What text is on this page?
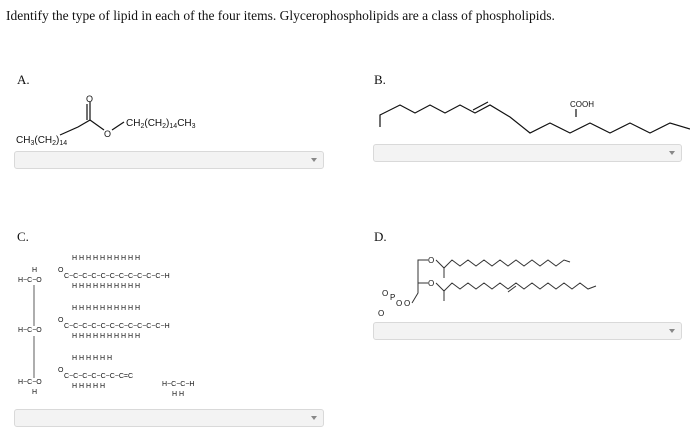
Identify the type of lipid in each of the four items. Glycerophospholipids are a class of phospholipids.
A.
O
O
$CH_3(CH_2)_{14}$
$CH_2(CH_2)_{14}CH_3$
B.
COOH
C.
H−C−O
H−C−O
H−C−O
H
H
O
C−C−C−C−C−C−C−C−C−C−C−H
H H H H H H H H H H
H H H H H H H H H H
O
C−C−C−C−C−C−C−C−C−C−C−H
H H H H H H H H H H
H H H H H H H H H H
O
C−C−C−C−C−C−C=C
H H H H H H
H H H H H	H−C−C−H
H H
D.
O
O
O
O P
O
O
